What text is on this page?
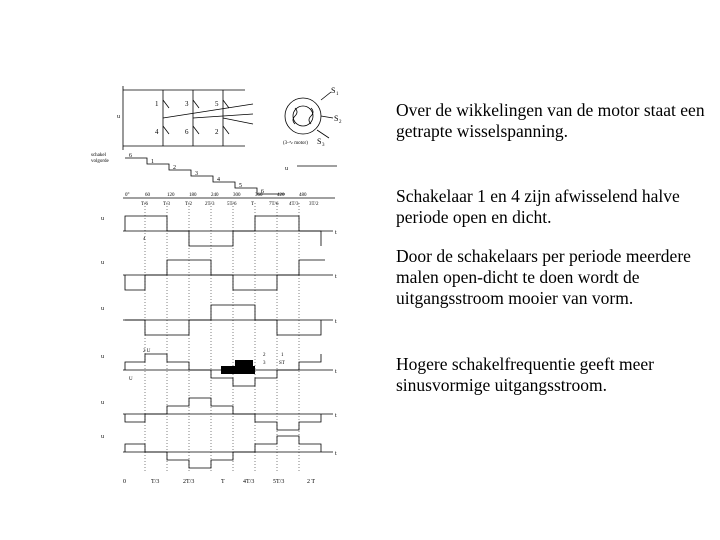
u
1	3	5
4	6	2
S 1
S 2
S 3
(3-∿ motor)
schakel
volgorde
6
1
2
3
4
5
6
u
0°	60	120	180	240	300	360	420	480
T/6	T/3	T/2	2T/3	5T/6	T	7T/6 4T/3 3T/2
u
4
t
u
t
u
t
u
2 U
U
2
3
1
ST
t
u
t
u
t
0	T/3	2T/3	T	4T/3	5T/3	2 T

Over de wikkelingen van de motor staat een getrapte wisselspanning.

Schakelaar 1 en 4 zijn afwisselend halve periode open en dicht.

Door de schakelaars per periode meerdere malen open-dicht te doen wordt de uitgangsstroom mooier van vorm.

Hogere schakelfrequentie geeft meer sinusvormige uitgangsstroom.
